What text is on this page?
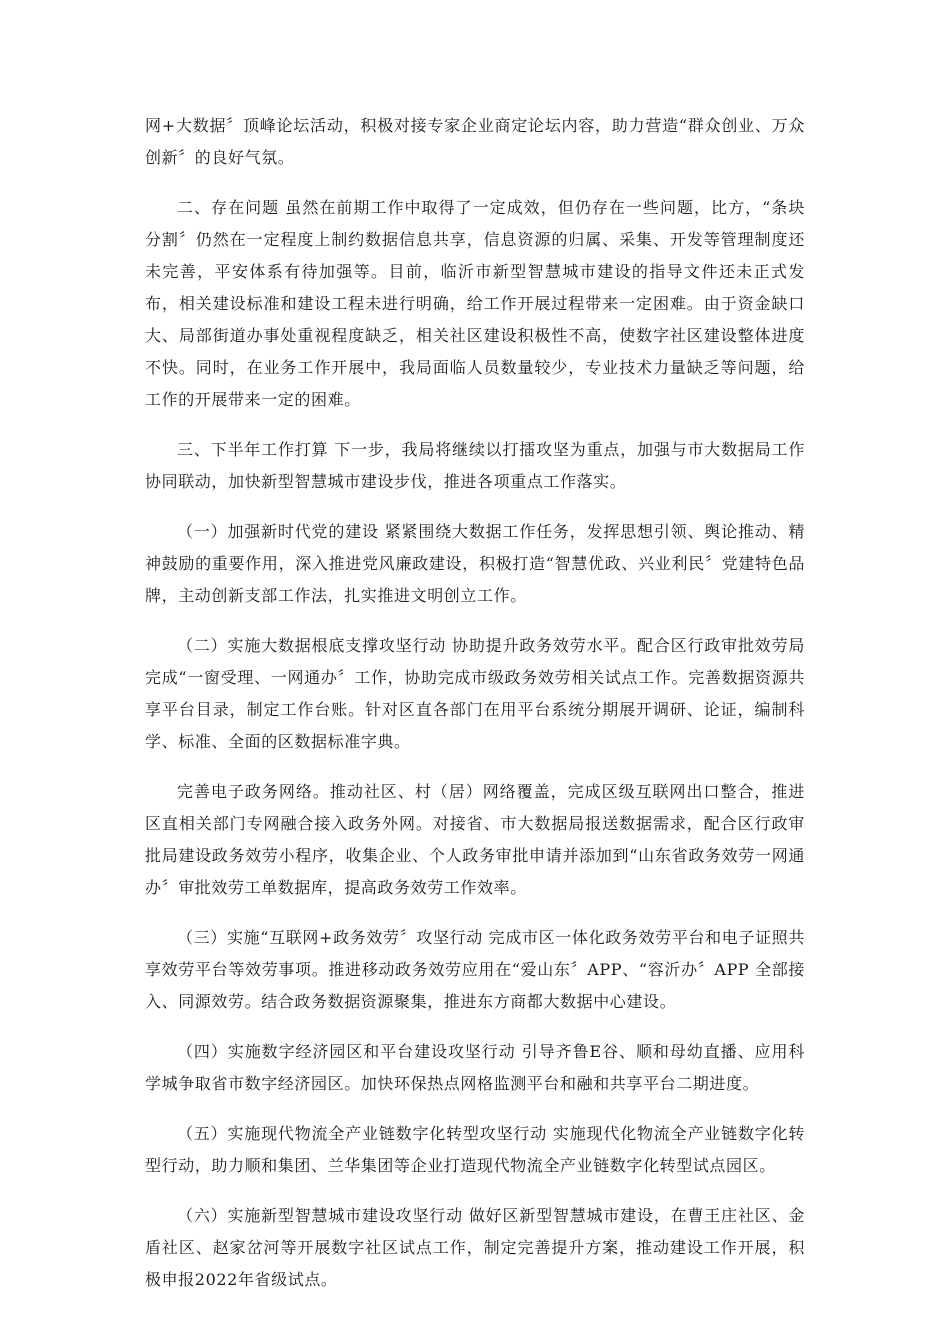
网+大数据〞顶峰论坛活动，积极对接专家企业商定论坛内容，助力营造“群众创业、万众创新〞的良好气氛。

二、存在问题 虽然在前期工作中取得了一定成效，但仍存在一些问题，比方，“条块分割〞仍然在一定程度上制约数据信息共享，信息资源的归属、采集、开发等管理制度还未完善，平安体系有待加强等。目前，临沂市新型智慧城市建设的指导文件还未正式发布，相关建设标准和建设工程未进行明确，给工作开展过程带来一定困难。由于资金缺口大、局部街道办事处重视程度缺乏，相关社区建设积极性不高，使数字社区建设整体进度不快。同时，在业务工作开展中，我局面临人员数量较少，专业技术力量缺乏等问题，给工作的开展带来一定的困难。

三、下半年工作打算 下一步，我局将继续以打擂攻坚为重点，加强与市大数据局工作协同联动，加快新型智慧城市建设步伐，推进各项重点工作落实。

（一）加强新时代党的建设 紧紧围绕大数据工作任务，发挥思想引领、舆论推动、精神鼓励的重要作用，深入推进党风廉政建设，积极打造“智慧优政、兴业利民〞党建特色品牌，主动创新支部工作法，扎实推进文明创立工作。

（二）实施大数据根底支撑攻坚行动 协助提升政务效劳水平。配合区行政审批效劳局完成“一窗受理、一网通办〞工作，协助完成市级政务效劳相关试点工作。完善数据资源共享平台目录，制定工作台账。针对区直各部门在用平台系统分期展开调研、论证，编制科学、标准、全面的区数据标准字典。

完善电子政务网络。推动社区、村（居）网络覆盖，完成区级互联网出口整合，推进区直相关部门专网融合接入政务外网。对接省、市大数据局报送数据需求，配合区行政审批局建设政务效劳小程序，收集企业、个人政务审批申请并添加到“山东省政务效劳一网通办〞审批效劳工单数据库，提高政务效劳工作效率。

（三）实施“互联网+政务效劳〞攻坚行动 完成市区一体化政务效劳平台和电子证照共享效劳平台等效劳事项。推进移动政务效劳应用在“爱山东〞APP、“容沂办〞APP 全部接入、同源效劳。结合政务数据资源聚集，推进东方商都大数据中心建设。

（四）实施数字经济园区和平台建设攻坚行动 引导齐鲁E谷、顺和母幼直播、应用科学城争取省市数字经济园区。加快环保热点网格监测平台和融和共享平台二期进度。

（五）实施现代物流全产业链数字化转型攻坚行动 实施现代化物流全产业链数字化转型行动，助力顺和集团、兰华集团等企业打造现代物流全产业链数字化转型试点园区。

（六）实施新型智慧城市建设攻坚行动 做好区新型智慧城市建设，在曹王庄社区、金盾社区、赵家岔河等开展数字社区试点工作，制定完善提升方案，推动建设工作开展，积极申报2022年省级试点。
